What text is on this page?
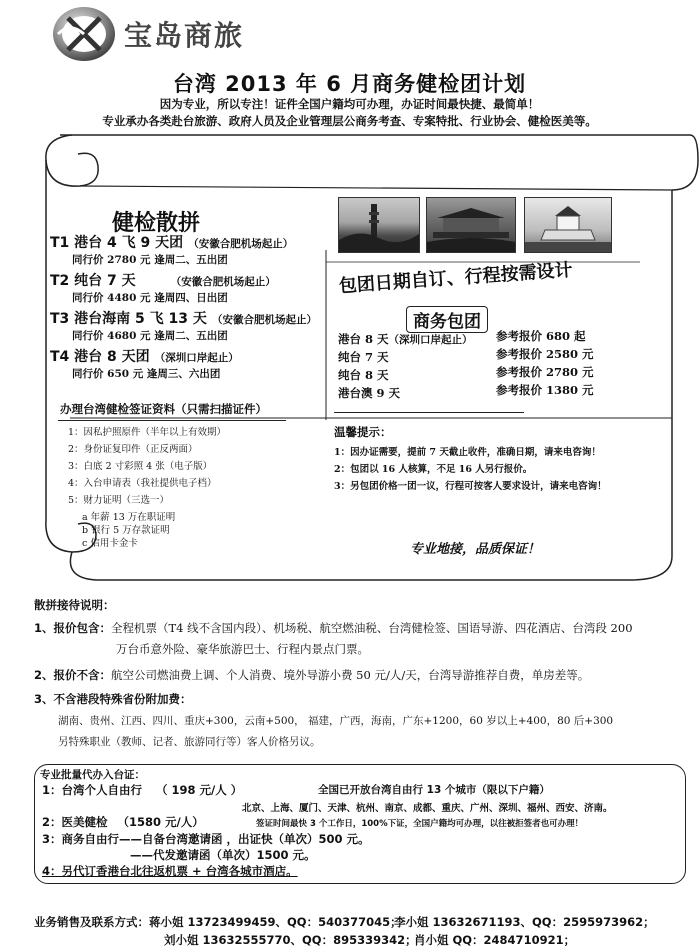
宝岛商旅
台湾 2013 年 6 月商务健检团计划
因为专业，所以专注！证件全国户籍均可办理，办证时间最快捷、最简单！
专业承办各类赴台旅游、政府人员及企业管理层公商务考查、专案特批、行业协会、健检医美等。
健检散拼
T1 港台 4 飞 9 天团 （安徽合肥机场起止）
同行价 2780 元 逢周二、五出团
T2 纯台 7 天	（安徽合肥机场起止）
同行价 4480 元 逢周四、日出团
T3 港台海南 5 飞 13 天 （安徽合肥机场起止）
同行价 4680 元 逢周二、五出团
T4 港台 8 天团 （深圳口岸起止）
同行价 650 元 逢周三、六出团
办理台湾健检签证资料（只需扫描证件）
1：因私护照原件（半年以上有效期）
2：身份证复印件（正反两面）
3：白底 2 寸彩照 4 张（电子版）
4：入台申请表（我社提供电子档）
5：财力证明（三选一）
a 年薪 13 万在职证明
b 银行 5 万存款证明
c 信用卡金卡
包团日期自订、行程按需设计
商务包团
港台 8 天（深圳口岸起止） 参考报价 680 起
纯台 7 天	参考报价 2580 元
纯台 8 天	参考报价 2780 元
港台澳 9 天	参考报价 1380 元
温馨提示：
1：因办证需要，提前 7 天截止收件，准确日期，请来电咨询！
2：包团以 16 人核算，不足 16 人另行报价。
3：另包团价格一团一议，行程可按客人要求设计，请来电咨询！
专业地接，品质保证！
散拼接待说明：
1、报价包含：全程机票（T4 线不含国内段）、机场税、航空燃油税、台湾健检签、国语导游、四花酒店、台湾段 200
万台币意外险、豪华旅游巴士、行程内景点门票。
2、报价不含：航空公司燃油费上调、个人消费、境外导游小费 50 元/人/天，台湾导游推荐自费，单房差等。
3、不含港段特殊省份附加费：
湖南、贵州、江西、四川、重庆+300，云南+500， 福建，广西，海南，广东+1200，60 岁以上+400，80 后+300
另特殊职业（教师、记者、旅游同行等）客人价格另议。
专业批量代办入台证：
1：台湾个人自由行 （ 198 元/人 ）	全国已开放台湾自由行 13 个城市（限以下户籍）
北京、上海、厦门、天津、杭州、南京、成都、重庆、广州、深圳、福州、西安、济南。
2：医美健检 （1580 元/人）	签证时间最快 3 个工作日，100%下证，全国户籍均可办理，以往被拒签者也可办理！
3：商务自由行——自备台湾邀请函 ，出证快（单次）500 元。
——代发邀请函（单次）1500 元。
4：另代订香港台北往返机票 + 台湾各城市酒店。
业务销售及联系方式：蒋小姐 13723499459、QQ：540377045；
李小姐 13632671193、QQ：2595973962；
刘小姐 13632555770、QQ：895339342；
肖小姐 QQ：2484710921；
